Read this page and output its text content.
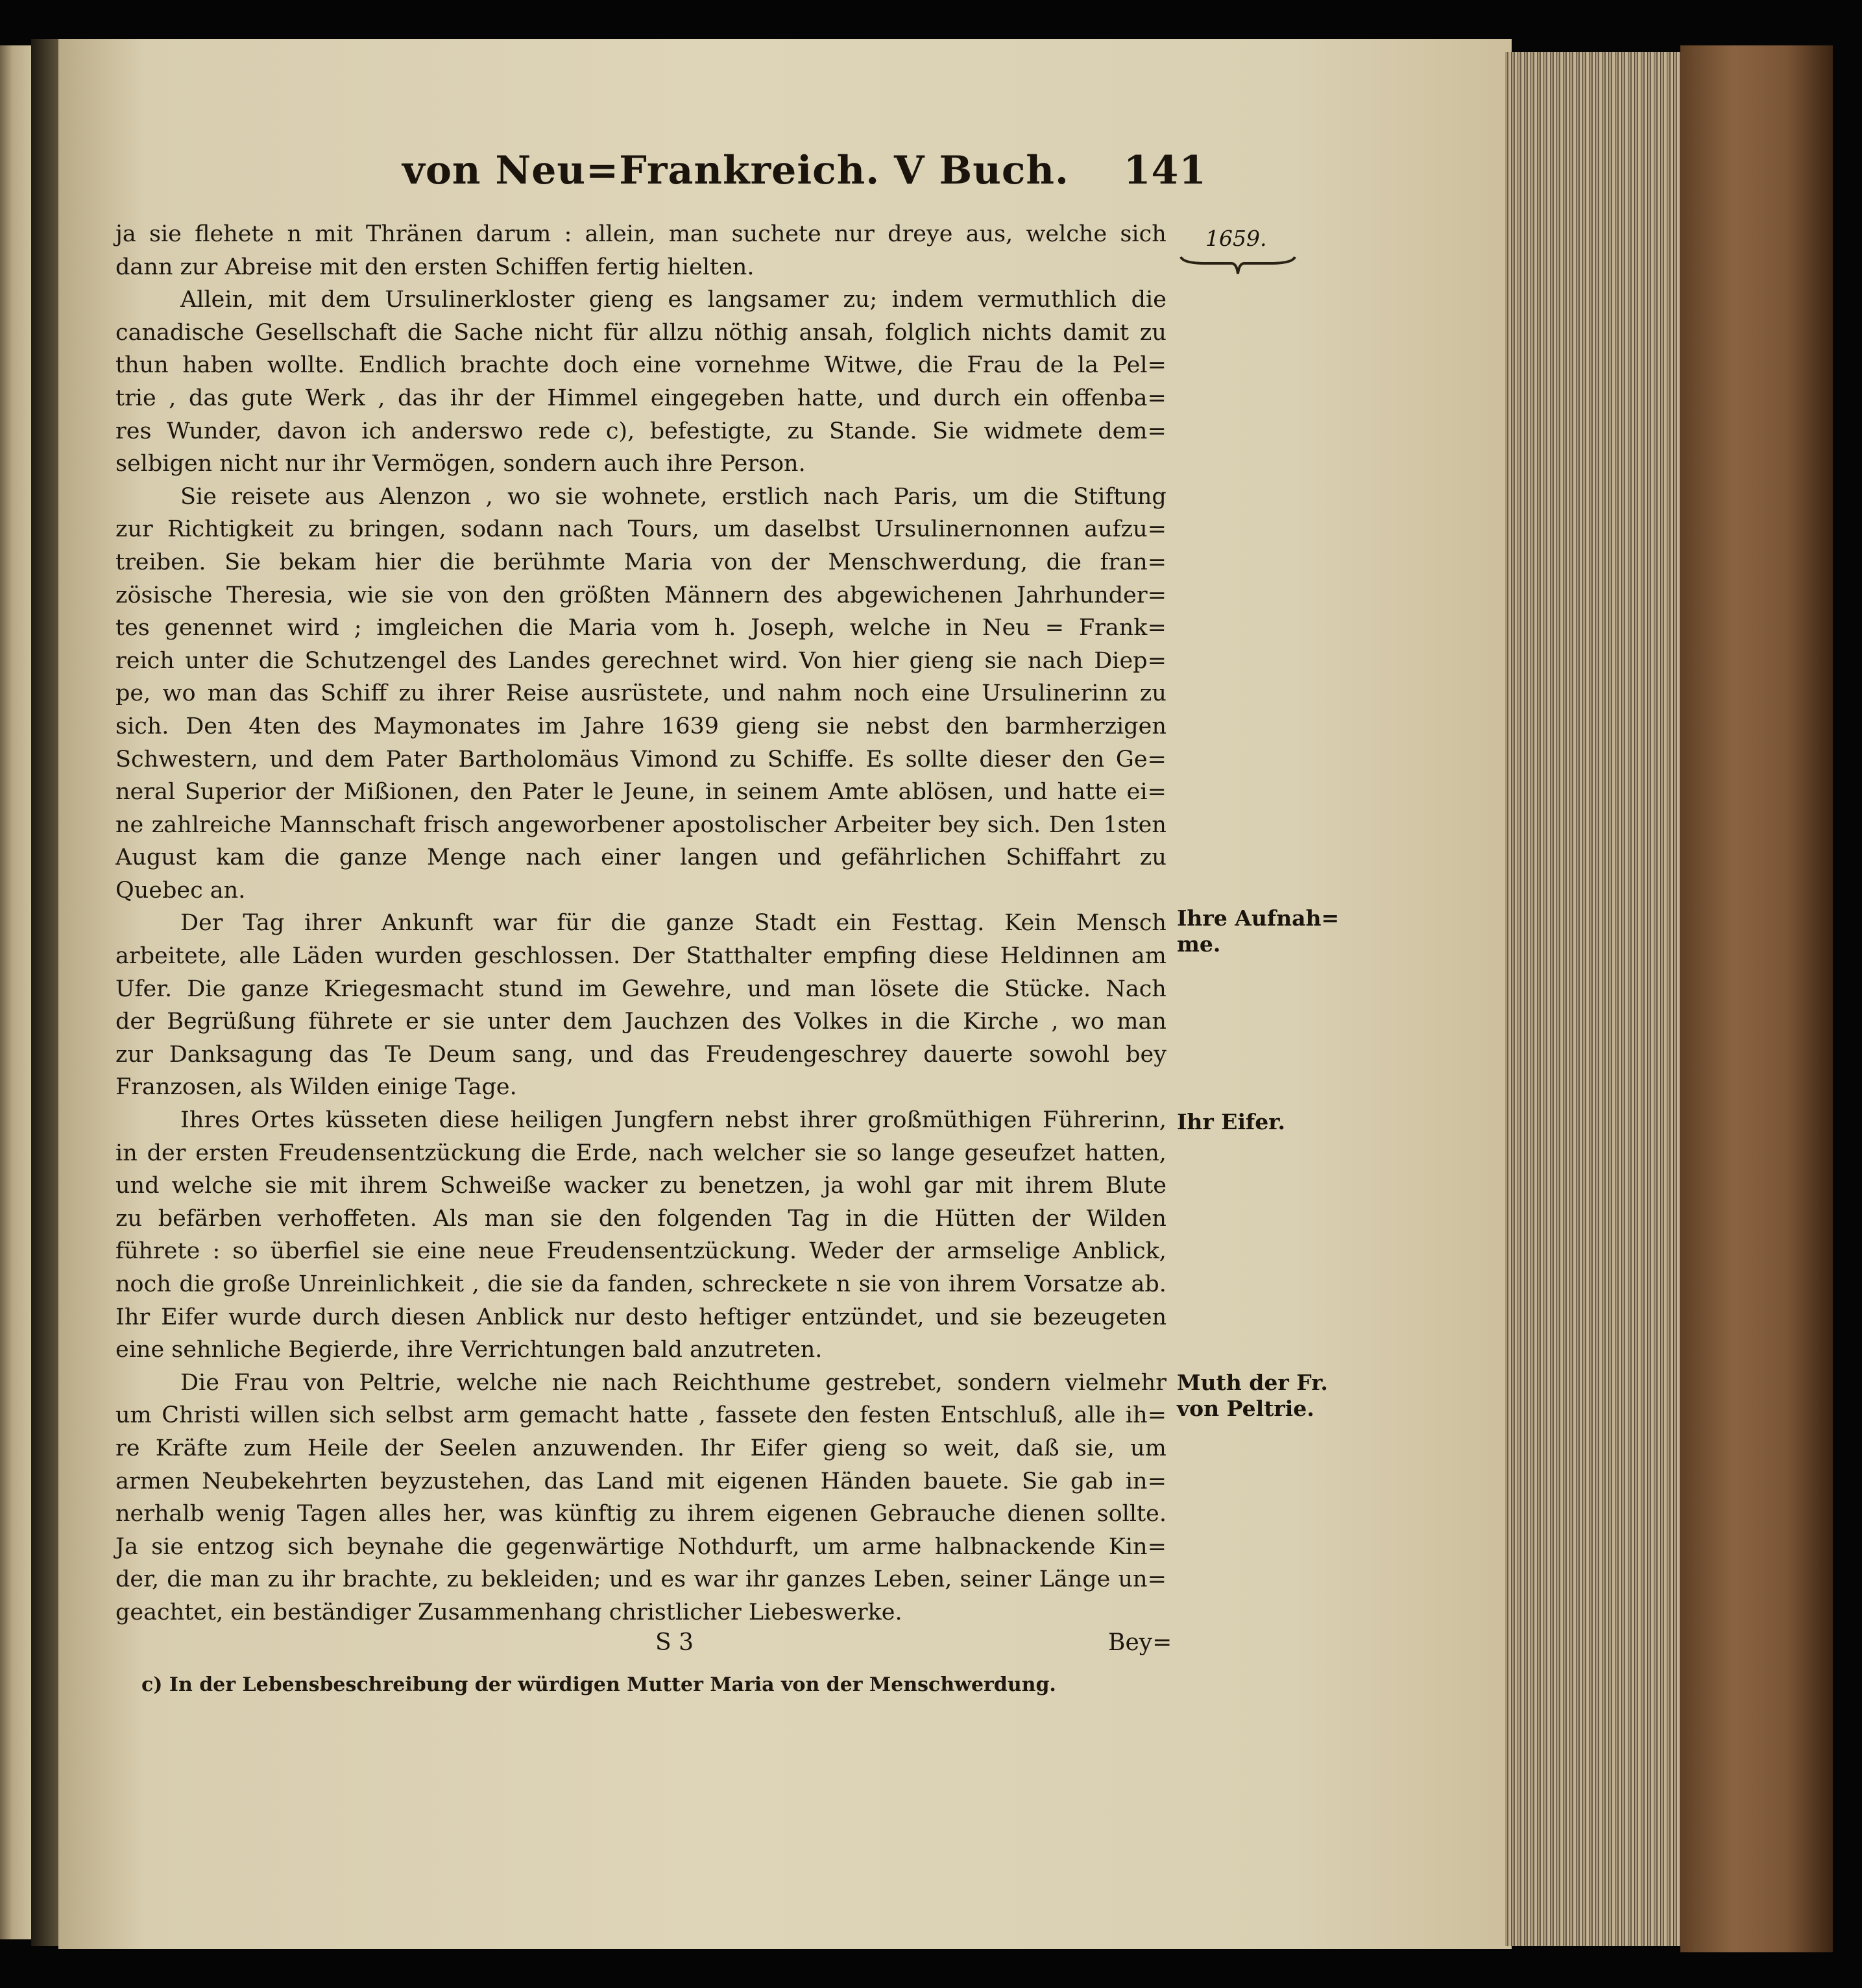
von Neu=Frankreich. V Buch. 141
1659.
Ihre Aufnah=
me.
Ihr Eifer.
Muth der Fr.
von Peltrie.
ja sie flehete n mit Thränen darum : allein, man suchete nur dreye aus, welche sich
dann zur Abreise mit den ersten Schiffen fertig hielten.
Allein, mit dem Ursulinerkloster gieng es langsamer zu; indem vermuthlich die
canadische Gesellschaft die Sache nicht für allzu nöthig ansah, folglich nichts damit zu
thun haben wollte. Endlich brachte doch eine vornehme Witwe, die Frau de la Pel=
trie , das gute Werk , das ihr der Himmel eingegeben hatte, und durch ein offenba=
res Wunder, davon ich anderswo rede c), befestigte, zu Stande. Sie widmete dem=
selbigen nicht nur ihr Vermögen, sondern auch ihre Person.
Sie reisete aus Alenzon , wo sie wohnete, erstlich nach Paris, um die Stiftung
zur Richtigkeit zu bringen, sodann nach Tours, um daselbst Ursulinernonnen aufzu=
treiben. Sie bekam hier die berühmte Maria von der Menschwerdung, die fran=
zösische Theresia, wie sie von den größten Männern des abgewichenen Jahrhunder=
tes genennet wird ; imgleichen die Maria vom h. Joseph, welche in Neu = Frank=
reich unter die Schutzengel des Landes gerechnet wird. Von hier gieng sie nach Diep=
pe, wo man das Schiff zu ihrer Reise ausrüstete, und nahm noch eine Ursulinerinn zu
sich. Den 4ten des Maymonates im Jahre 1639 gieng sie nebst den barmherzigen
Schwestern, und dem Pater Bartholomäus Vimond zu Schiffe. Es sollte dieser den Ge=
neral Superior der Mißionen, den Pater le Jeune, in seinem Amte ablösen, und hatte ei=
ne zahlreiche Mannschaft frisch angeworbener apostolischer Arbeiter bey sich. Den 1sten
August kam die ganze Menge nach einer langen und gefährlichen Schiffahrt zu
Quebec an.
Der Tag ihrer Ankunft war für die ganze Stadt ein Festtag. Kein Mensch
arbeitete, alle Läden wurden geschlossen. Der Statthalter empfing diese Heldinnen am
Ufer. Die ganze Kriegesmacht stund im Gewehre, und man lösete die Stücke. Nach
der Begrüßung führete er sie unter dem Jauchzen des Volkes in die Kirche , wo man
zur Danksagung das Te Deum sang, und das Freudengeschrey dauerte sowohl bey
Franzosen, als Wilden einige Tage.
Ihres Ortes küsseten diese heiligen Jungfern nebst ihrer großmüthigen Führerinn,
in der ersten Freudensentzückung die Erde, nach welcher sie so lange geseufzet hatten,
und welche sie mit ihrem Schweiße wacker zu benetzen, ja wohl gar mit ihrem Blute
zu befärben verhoffeten. Als man sie den folgenden Tag in die Hütten der Wilden
führete : so überfiel sie eine neue Freudensentzückung. Weder der armselige Anblick,
noch die große Unreinlichkeit , die sie da fanden, schreckete n sie von ihrem Vorsatze ab.
Ihr Eifer wurde durch diesen Anblick nur desto heftiger entzündet, und sie bezeugeten
eine sehnliche Begierde, ihre Verrichtungen bald anzutreten.
Die Frau von Peltrie, welche nie nach Reichthume gestrebet, sondern vielmehr
um Christi willen sich selbst arm gemacht hatte , fassete den festen Entschluß, alle ih=
re Kräfte zum Heile der Seelen anzuwenden. Ihr Eifer gieng so weit, daß sie, um
armen Neubekehrten beyzustehen, das Land mit eigenen Händen bauete. Sie gab in=
nerhalb wenig Tagen alles her, was künftig zu ihrem eigenen Gebrauche dienen sollte.
Ja sie entzog sich beynahe die gegenwärtige Nothdurft, um arme halbnackende Kin=
der, die man zu ihr brachte, zu bekleiden; und es war ihr ganzes Leben, seiner Länge un=
geachtet, ein beständiger Zusammenhang christlicher Liebeswerke.
S 3	Bey=
c) In der Lebensbeschreibung der würdigen Mutter Maria von der Menschwerdung.
